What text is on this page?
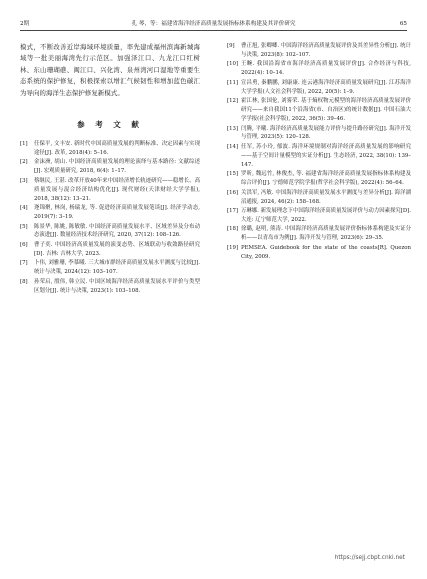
2期	孔 琴，等：福建省海洋经济高质量发展指标体系构建及其评价研究	65

模式，不断改善近岸海域环境质量，率先建成福州滨海新城海域等一批美丽海湾先行示范区。加强泽江口、九龙江口红树林、东山珊瑚礁、闽江口、兴化湾、泉州湾河口湿地等重要生态系统的保护修复，积极探索以增汇气候韧性和增加蓝色碳汇为导向的海洋生态保护修复新模式。

参 考 文 献
[1] 任保平, 文丰安. 新时代中国高质量发展的判断标准、决定因素与实现途径[J]. 改革, 2018(4): 5–16.
[2] 金沫洲, 胡山. 中国经济高质量发展的理论演绎与基本路径: 文献综述[J]. 宏观质量研究, 2018, 6(4): 1–17.
[3] 蔡继民, 王湛. 改革开放40年来中国经济增长轨迹研究——稳增长、高质量发展与混合经济结构优化[J]. 现代财经(天津财经大学学报), 2018, 38(12): 13–21.
[4] 逄锦聚, 林岗, 杨瑞龙, 等. 促进经济高质量发展笔谈[J]. 经济学动态, 2019(7): 3–19.
[5] 陈景华, 陈姚, 陈敏敏. 中国经济高质量发展水平、区域差异及分布动态演进[J]. 数量经济技术经济研究, 2020, 37(12): 108–126.
[6] 曹子奕. 中国经济高质量发展的演变态势、区域联动与收敛路径研究[D]. 吉林: 吉林大学, 2023.
[7] 卜伟, 刘雅珊, 李慕曦. 三大城市群经济高质量发展水平测度与比较[J]. 统计与决策, 2024(12): 103–107.
[8] 孙荣启, 殷伟, 韩立民. 中国区域海洋经济高质量发展水平评价与类型区划分[J]. 统计与决策, 2023(1): 103–108.
[9] 曹正旭, 张卿卿. 中国海洋经济高质量发展评价及其差异性分析[J]. 统计与决策, 2023(8): 102–107.
[10] 王畹. 我国沿海省市海洋经济高质量发展评价[J]. 合作经济与科技, 2022(4): 10–14.
[11] 宣昌勇, 秦鹏鹏, 刘康康. 连云港海洋经济高质量发展研究[J]. 江苏海洋大学学报(人文社会科学版), 2022, 20(5): 1–9.
[12] 霍江林, 张国伦, 刘雾荣. 基于熵权物元模型的海洋经济高质量发展评价研究——来自我国11个沿海省(市、自治区)的统计数据[J]. 中国石油大学学报(社会科学版), 2022, 36(5): 39–46.
[13] 闫腾, 平曦. 海洋经济高质量发展能力评价与提升路径研究[J]. 海洋开发与管理, 2023(5): 120–128.
[14] 任军, 苏小玲, 郁波. 海洋环境规制对海洋经济高质量发展的影响研究——基于空间计量模型的实证分析[J]. 生态经济, 2022, 38(10): 139–147.
[15] 罗昕, 魏远竹, 林俊杰, 等. 福建省海洋经济高质量发展指标体系构建及综合评价[J]. 宁德师范学院学报(哲学社会科学版), 2022(4): 56–64.
[16] 关洪军, 冯敏. 中国海洋经济高质量发展水平测度与差异分析[J]. 海洋湖沼通报, 2024, 46(2): 158–168.
[17] 万琳娜. 新发展理念下中国海洋经济高质量发展评价与动力因素探究[D]. 大连: 辽宁师范大学, 2022.
[18] 徐璐, 赵明, 熊涛. 中国海洋经济高质量发展评价指标体系构建及实证分析——以青岛市为例[J]. 海洋开发与管理, 2023(6): 29–35.
[19] PEMSEA. Guidebook for the state of the coasts[R]. Quezon City, 2009.
https://sejj.cbpt.cnki.net
